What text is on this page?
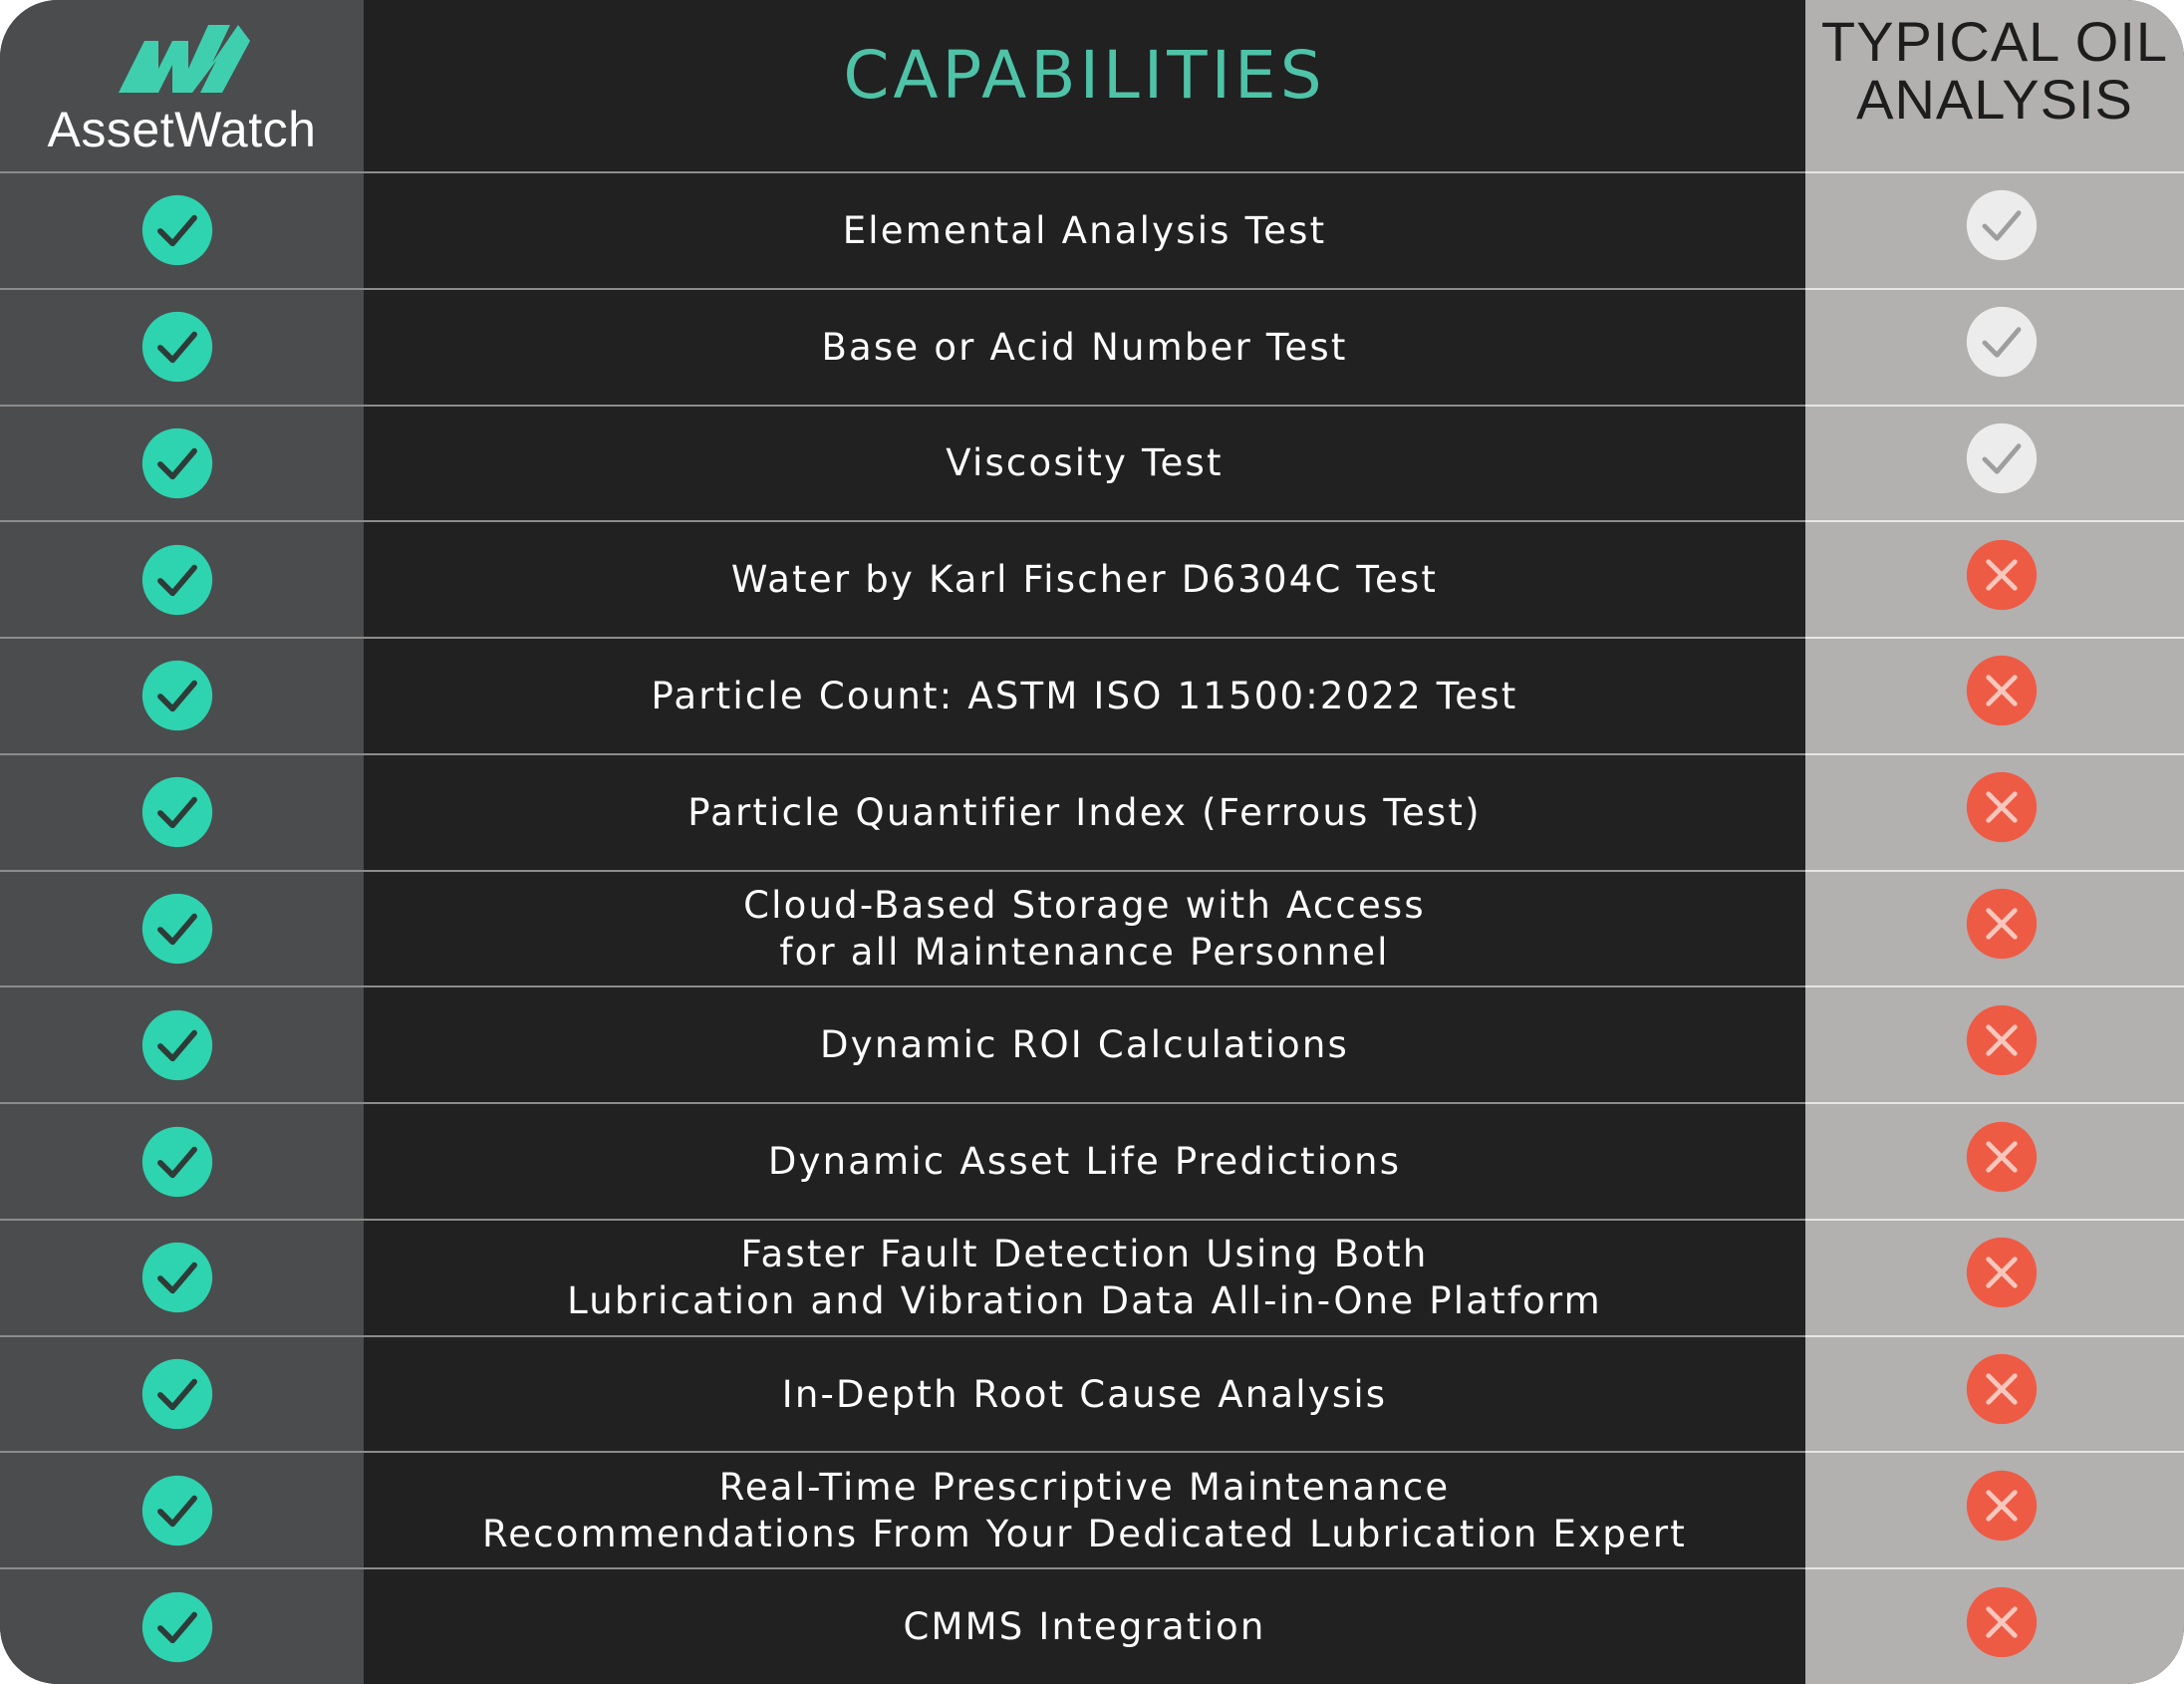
AssetWatch
CAPABILITIES	TYPICAL OIL
ANALYSIS
Elemental Analysis Test
Base or Acid Number Test
Viscosity Test
Water by Karl Fischer D6304C Test
Particle Count: ASTM ISO 11500:2022 Test
Particle Quantifier Index (Ferrous Test)
Cloud-Based Storage with Access
for all Maintenance Personnel
Dynamic ROI Calculations
Dynamic Asset Life Predictions
Faster Fault Detection Using Both
Lubrication and Vibration Data All-in-One Platform
In-Depth Root Cause Analysis
Real-Time Prescriptive Maintenance
Recommendations From Your Dedicated Lubrication Expert
CMMS Integration
